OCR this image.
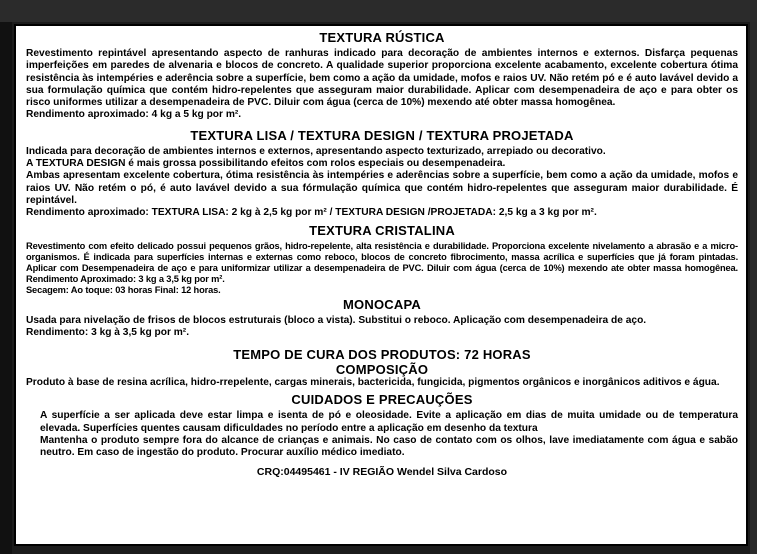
TEXTURA RÚSTICA

Revestimento repintável apresentando aspecto de ranhuras indicado para decoração de ambientes internos e externos. Disfarça pequenas imperfeições em paredes de alvenaria e blocos de concreto. A qualidade superior proporciona excelente acabamento, excelente cobertura ótima resistência às intempéries e aderência sobre a superfície, bem como a ação da umidade, mofos e raios UV. Não retém pó e é auto lavável devido a sua formulação química que contém hidro-repelentes que asseguram maior durabilidade. Aplicar com desempenadeira de aço e para obter os risco uniformes utilizar a desempenadeira de PVC. Diluir com água (cerca de 10%) mexendo até obter massa homogênea.

Rendimento aproximado: 4 kg a 5 kg por m².

TEXTURA LISA / TEXTURA DESIGN / TEXTURA PROJETADA

Indicada para decoração de ambientes internos e externos, apresentando aspecto texturizado, arrepiado ou decorativo.

A TEXTURA DESIGN é mais grossa possibilitando efeitos com rolos especiais ou desempenadeira.

Ambas apresentam excelente cobertura, ótima resistência às intempéries e aderências sobre a superfície, bem como a ação da umidade, mofos e raios UV. Não retém o pó, é auto lavável devido a sua fórmulação química que contém hidro-repelentes que asseguram maior durabilidade. É repintável.

Rendimento aproximado: TEXTURA LISA: 2 kg à 2,5 kg por m² / TEXTURA DESIGN /PROJETADA: 2,5 kg a 3 kg por m².

TEXTURA CRISTALINA

Revestimento com efeito delicado possui pequenos grãos, hidro-repelente, alta resistência e durabilidade. Proporciona excelente nivelamento a abrasão e a micro-organismos. É indicada para superfícies internas e externas como reboco, blocos de concreto fibrocimento, massa acrílica e superfícies que já foram pintadas. Aplicar com Desempenadeira de aço e para uniformizar utilizar a desempenadeira de PVC. Diluir com água (cerca de 10%) mexendo ate obter massa homogênea. Rendimento Aproximado: 3 kg a 3,5 kg por m².

Secagem: Ao toque: 03 horas Final: 12 horas.

MONOCAPA

Usada para nivelação de frisos de blocos estruturais (bloco a vista). Substitui o reboco. Aplicação com desempenadeira de aço.

Rendimento: 3 kg à 3,5 kg por m².

TEMPO DE CURA DOS PRODUTOS: 72 HORAS
COMPOSIÇÃO

Produto à base de resina acrílica, hidro-rrepelente, cargas minerais, bactericida, fungicida, pigmentos orgânicos e inorgânicos aditivos e água.

CUIDADOS E PRECAUÇÕES

A superfície a ser aplicada deve estar limpa e isenta de pó e oleosidade. Evite a aplicação em dias de muita umidade ou de temperatura elevada. Superfícies quentes causam dificuldades no período entre a aplicação em desenho da textura

Mantenha o produto sempre fora do alcance de crianças e animais. No caso de contato com os olhos, lave imediatamente com água e sabão neutro. Em caso de ingestão do produto. Procurar auxílio médico imediato.

CRQ:04495461 - IV REGIÃO Wendel Silva Cardoso
